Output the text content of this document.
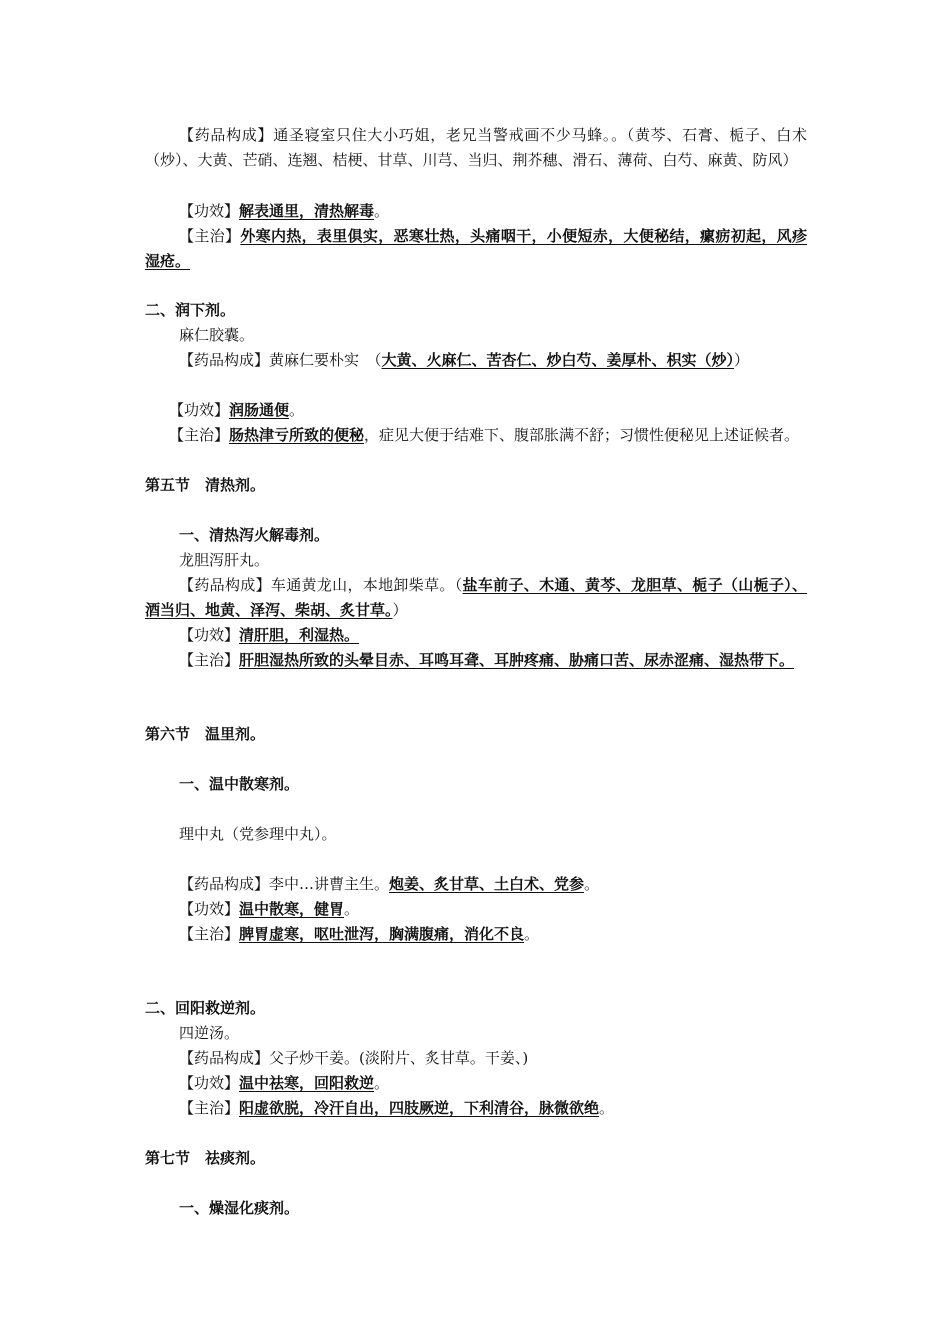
【药品构成】通圣寝室只住大小巧姐，老兄当警戒画不少马蜂。。（黄芩、石膏、栀子、白术（炒）、大黄、芒硝、连翘、桔梗、甘草、川芎、当归、荆芥穗、滑石、薄荷、白芍、麻黄、防风）
【功效】解表通里，清热解毒。
【主治】外寒内热，表里俱实，恶寒壮热，头痛咽干，小便短赤，大便秘结，瘰疬初起，风疹湿疮。
二、润下剂。
麻仁胶囊。
【药品构成】黄麻仁要朴实　（大黄、火麻仁、苦杏仁、炒白芍、姜厚朴、枳实（炒））
【功效】润肠通便。
【主治】肠热津亏所致的便秘，症见大便于结难下、腹部胀满不舒；习惯性便秘见上述证候者。
第五节　清热剂。
一、清热泻火解毒剂。
龙胆泻肝丸。
【药品构成】车通黄龙山，本地卸柴草。（盐车前子、木通、黄芩、龙胆草、栀子（山栀子）、酒当归、地黄、泽泻、柴胡、炙甘草。）
【功效】清肝胆，利湿热。
【主治】肝胆湿热所致的头晕目赤、耳鸣耳聋、耳肿疼痛、胁痛口苦、尿赤涩痛、湿热带下。
第六节　温里剂。
一、温中散寒剂。
理中丸（党参理中丸）。
【药品构成】李中…讲曹主生。炮姜、炙甘草、土白术、党参。
【功效】温中散寒，健胃。
【主治】脾胃虚寒，呕吐泄泻，胸满腹痛，消化不良。
二、回阳救逆剂。
四逆汤。
【药品构成】父子炒干姜。(淡附片、炙甘草。干姜、)
【功效】温中祛寒，回阳救逆。
【主治】阳虚欲脱，冷汗自出，四肢厥逆，下利清谷，脉微欲绝。
第七节　祛痰剂。
一、燥湿化痰剂。
